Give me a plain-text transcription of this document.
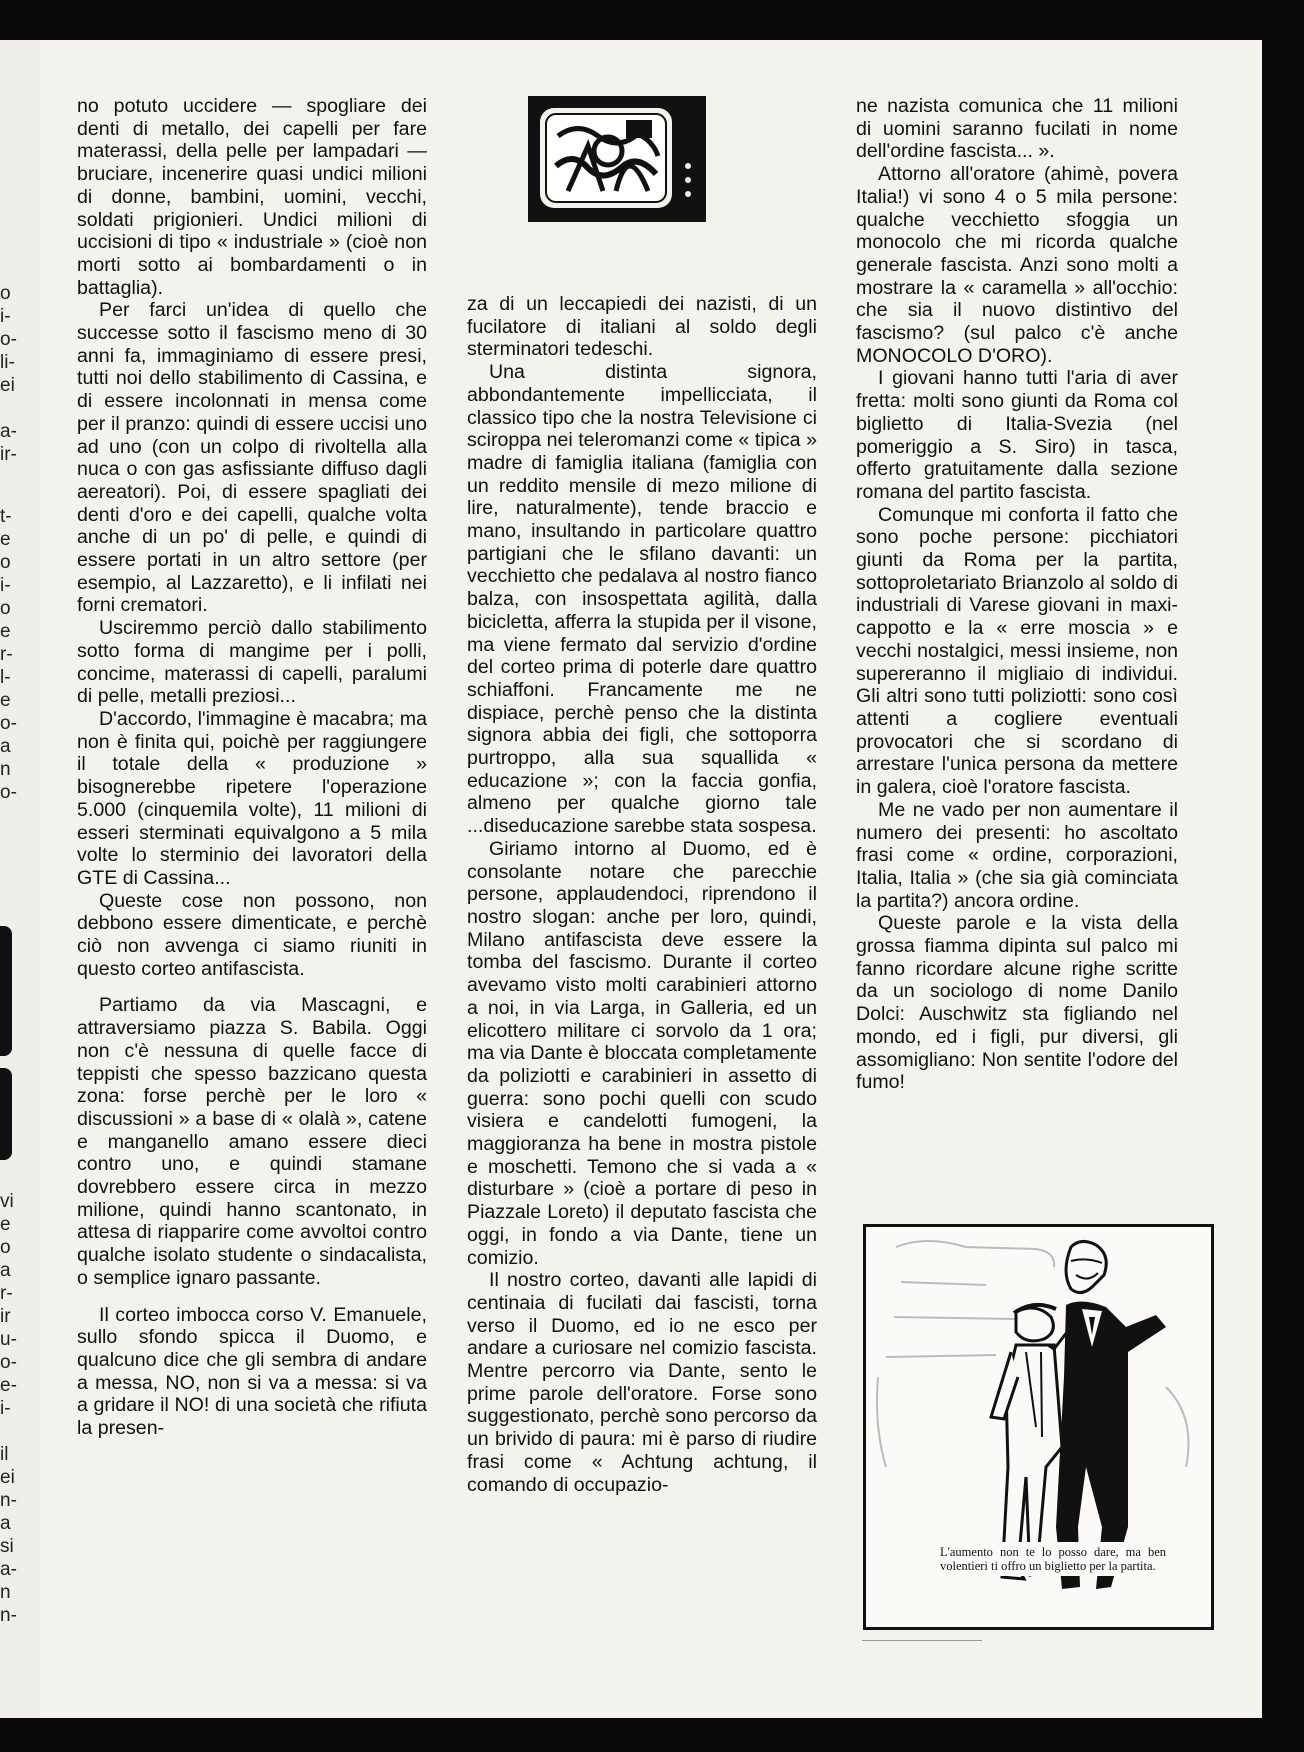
o
i-
o-
li-
ei
a-
ir-
t-
e
o
i-
o
e
r-
l-
e
o-
a
n
o-
vi
e
o
a
r-
ir
u-
o-
e-
i-
il
ei
n-
a
si
a-
n
n-

no potuto uccidere — spogliare dei denti di metallo, dei capelli per fare materassi, della pelle per lampadari — bruciare, incenerire quasi undici milioni di donne, bambini, uomini, vecchi, soldati prigionieri. Undici milioni di uccisioni di tipo « industriale » (cioè non morti sotto ai bombardamenti o in battaglia).

Per farci un'idea di quello che successe sotto il fascismo meno di 30 anni fa, immaginiamo di essere presi, tutti noi dello stabilimento di Cassina, e di essere incolonnati in mensa come per il pranzo: quindi di essere uccisi uno ad uno (con un colpo di rivoltella alla nuca o con gas asfissiante diffuso dagli aereatori). Poi, di essere spagliati dei denti d'oro e dei capelli, qualche volta anche di un po' di pelle, e quindi di essere portati in un altro settore (per esempio, al Lazzaretto), e li infilati nei forni crematori.

Usciremmo perciò dallo stabilimento sotto forma di mangime per i polli, concime, materassi di capelli, paralumi di pelle, metalli preziosi...

D'accordo, l'immagine è macabra; ma non è finita qui, poichè per raggiungere il totale della « produzione » bisognerebbe ripetere l'operazione 5.000 (cinquemila volte), 11 milioni di esseri sterminati equivalgono a 5 mila volte lo sterminio dei lavoratori della GTE di Cassina...

Queste cose non possono, non debbono essere dimenticate, e perchè ciò non avvenga ci siamo riuniti in questo corteo antifascista.

Partiamo da via Mascagni, e attraversiamo piazza S. Babila. Oggi non c'è nessuna di quelle facce di teppisti che spesso bazzicano questa zona: forse perchè per le loro « discussioni » a base di « olalà », catene e manganello amano essere dieci contro uno, e quindi stamane dovrebbero essere circa in mezzo milione, quindi hanno scantonato, in attesa di riapparire come avvoltoi contro qualche isolato studente o sindacalista, o semplice ignaro passante.

Il corteo imbocca corso V. Emanuele, sullo sfondo spicca il Duomo, e qualcuno dice che gli sembra di andare a messa, NO, non si va a messa: si va a gridare il NO! di una società che rifiuta la presen-

za di un leccapiedi dei nazisti, di un fucilatore di italiani al soldo degli sterminatori tedeschi.

Una distinta signora, abbondantemente impellicciata, il classico tipo che la nostra Televisione ci sciroppa nei teleromanzi come « tipica » madre di famiglia italiana (famiglia con un reddito mensile di mezo milione di lire, naturalmente), tende braccio e mano, insultando in particolare quattro partigiani che le sfilano davanti: un vecchietto che pedalava al nostro fianco balza, con insospettata agilità, dalla bicicletta, afferra la stupida per il visone, ma viene fermato dal servizio d'ordine del corteo prima di poterle dare quattro schiaffoni. Francamente me ne dispiace, perchè penso che la distinta signora abbia dei figli, che sottoporra purtroppo, alla sua squallida « educazione »; con la faccia gonfia, almeno per qualche giorno tale ...diseducazione sarebbe stata sospesa.

Giriamo intorno al Duomo, ed è consolante notare che parecchie persone, applaudendoci, riprendono il nostro slogan: anche per loro, quindi, Milano antifascista deve essere la tomba del fascismo. Durante il corteo avevamo visto molti carabinieri attorno a noi, in via Larga, in Galleria, ed un elicottero militare ci sorvolo da 1 ora; ma via Dante è bloccata completamente da poliziotti e carabinieri in assetto di guerra: sono pochi quelli con scudo visiera e candelotti fumogeni, la maggioranza ha bene in mostra pistole e moschetti. Temono che si vada a « disturbare » (cioè a portare di peso in Piazzale Loreto) il deputato fascista che oggi, in fondo a via Dante, tiene un comizio.

Il nostro corteo, davanti alle lapidi di centinaia di fucilati dai fascisti, torna verso il Duomo, ed io ne esco per andare a curiosare nel comizio fascista. Mentre percorro via Dante, sento le prime parole dell'oratore. Forse sono suggestionato, perchè sono percorso da un brivido di paura: mi è parso di riudire frasi come « Achtung achtung, il comando di occupazio-

ne nazista comunica che 11 milioni di uomini saranno fucilati in nome dell'ordine fascista... ».

Attorno all'oratore (ahimè, povera Italia!) vi sono 4 o 5 mila persone: qualche vecchietto sfoggia un monocolo che mi ricorda qualche generale fascista. Anzi sono molti a mostrare la « caramella » all'occhio: che sia il nuovo distintivo del fascismo? (sul palco c'è anche MONOCOLO D'ORO).

I giovani hanno tutti l'aria di aver fretta: molti sono giunti da Roma col biglietto di Italia-Svezia (nel pomeriggio a S. Siro) in tasca, offerto gratuitamente dalla sezione romana del partito fascista.

Comunque mi conforta il fatto che sono poche persone: picchiatori giunti da Roma per la partita, sottoproletariato Brianzolo al soldo di industriali di Varese giovani in maxi-cappotto e la « erre moscia » e vecchi nostalgici, messi insieme, non supereranno il migliaio di individui. Gli altri sono tutti poliziotti: sono così attenti a cogliere eventuali provocatori che si scordano di arrestare l'unica persona da mettere in galera, cioè l'oratore fascista.

Me ne vado per non aumentare il numero dei presenti: ho ascoltato frasi come « ordine, corporazioni, Italia, Italia » (che sia già cominciata la partita?) ancora ordine.

Queste parole e la vista della grossa fiamma dipinta sul palco mi fanno ricordare alcune righe scritte da un sociologo di nome Danilo Dolci: Auschwitz sta figliando nel mondo, ed i figli, pur diversi, gli assomigliano: Non sentite l'odore del fumo!

L'aumento non te lo posso dare, ma ben volentieri ti offro un biglietto per la partita.
